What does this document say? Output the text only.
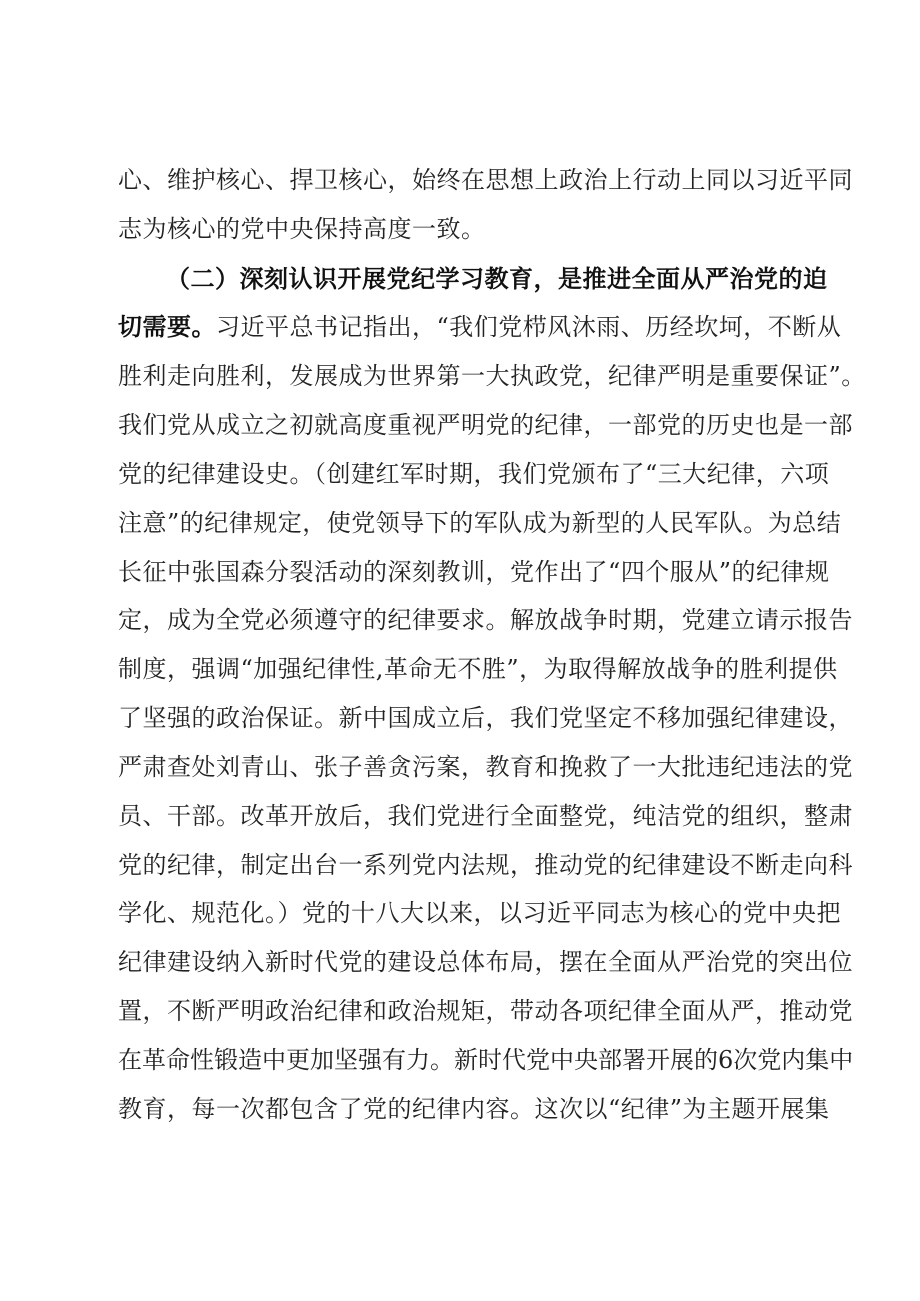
心、维护核心、捍卫核心，始终在思想上政治上行动上同以习近平同
志为核心的党中央保持高度一致。
（二）深刻认识开展党纪学习教育，是推进全面从严治党的迫
切需要。习近平总书记指出，“我们党栉风沐雨、历经坎坷，不断从
胜利走向胜利，发展成为世界第一大执政党，纪律严明是重要保证”。
我们党从成立之初就高度重视严明党的纪律，一部党的历史也是一部
党的纪律建设史。（创建红军时期，我们党颁布了“三大纪律，六项
注意”的纪律规定，使党领导下的军队成为新型的人民军队。为总结
长征中张国森分裂活动的深刻教训，党作出了“四个服从”的纪律规
定，成为全党必须遵守的纪律要求。解放战争时期，党建立请示报告
制度，强调“加强纪律性,革命无不胜”，为取得解放战争的胜利提供
了坚强的政治保证。新中国成立后，我们党坚定不移加强纪律建设，
严肃查处刘青山、张子善贪污案，教育和挽救了一大批违纪违法的党
员、干部。改革开放后，我们党进行全面整党，纯洁党的组织，整肃
党的纪律，制定出台一系列党内法规，推动党的纪律建设不断走向科
学化、规范化。）党的十八大以来，以习近平同志为核心的党中央把
纪律建设纳入新时代党的建设总体布局，摆在全面从严治党的突出位
置，不断严明政治纪律和政治规矩，带动各项纪律全面从严，推动党
在革命性锻造中更加坚强有力。新时代党中央部署开展的6次党内集中
教育，每一次都包含了党的纪律内容。这次以“纪律”为主题开展集
